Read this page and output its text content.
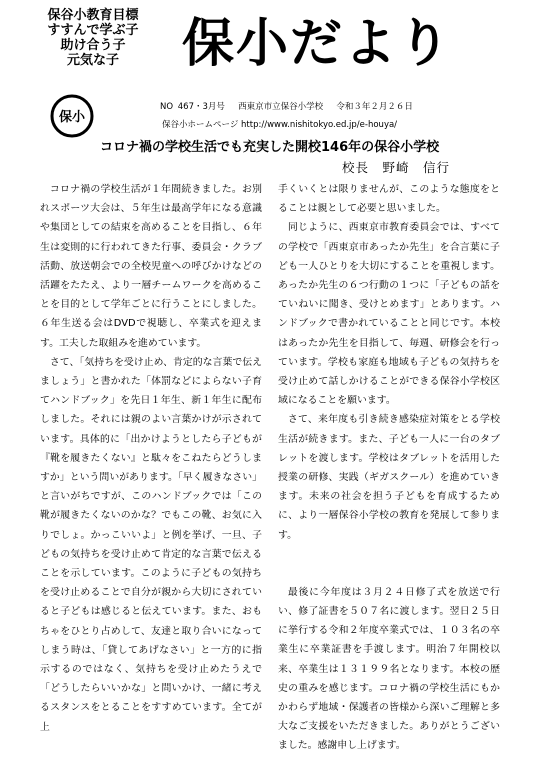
保谷小教育目標
すすんで学ぶ子
助け合う子
元気な子	保小だより
保小
NO 467・3月号　 西東京市立保谷小学校　 令和３年２月２６日
保谷小ホームページ http://www.nishitokyo.ed.jp/e-houya/
コロナ禍の学校生活でも充実した開校146年の保谷小学校
校長　野崎　信行

コロナ禍の学校生活が１年間続きました。お別れスポーツ大会は、５年生は最高学年になる意識や集団としての結束を高めることを目指し、６年生は変則的に行われてきた行事、委員会・クラブ活動、放送朝会での全校児童への呼びかけなどの活躍をたたえ、より一層チームワークを高めることを目的として学年ごとに行うことにしました。６年生送る会はDVDで視聴し、卒業式を迎えます。工夫した取組みを進めています。

さて、「気持ちを受け止め、肯定的な言葉で伝えましょう」と書かれた「体罰などによらない子育てハンドブック」を先日１年生、新１年生に配布しました。それには親のよい言葉かけが示されています。具体的に「出かけようとしたら子どもが『靴を履きたくない』と駄々をこねたらどうしますか」という問いがあります。「早く履きなさい」と言いがちですが、このハンドブックでは「この靴が履きたくないのかな？でもこの靴、お気に入りでしょ。かっこいいよ」と例を挙げ、一旦、子どもの気持ちを受け止めて肯定的な言葉で伝えることを示しています。このように子どもの気持ちを受け止めることで自分が親から大切にされていると子どもは感じると伝えています。また、おもちゃをひとり占めして、友達と取り合いになってしまう時は、「貸してあげなさい」と一方的に指示するのではなく、気持ちを受け止めたうえで「どうしたらいいかな」と問いかけ、一緒に考えるスタンスをとることをすすめています。全てが上

手くいくとは限りませんが、このような態度をとることは親として必要と思いました。

同じように、西東京市教育委員会では、すべての学校で「西東京市あったか先生」を合言葉に子ども一人ひとりを大切にすることを重視します。あったか先生の６つ行動の１つに「子どもの話をていねいに聞き、受けとめます」とあります。ハンドブックで書かれていることと同じです。本校はあったか先生を目指して、毎週、研修会を行っています。学校も家庭も地域も子どもの気持ちを受け止めて話しかけることができる保谷小学校区域になることを願います。

さて、来年度も引き続き感染症対策をとる学校生活が続きます。また、子ども一人に一台のタブレットを渡します。学校はタブレットを活用した授業の研修、実践（ギガスクール）を進めていきます。未来の社会を担う子どもを育成するために、より一層保谷小学校の教育を発展して参ります。

最後に今年度は３月２４日修了式を放送で行い、修了証書を５０７名に渡します。翌日２５日に挙行する令和２年度卒業式では、１０３名の卒業生に卒業証書を手渡します。明治７年開校以来、卒業生は１３１９９名となります。本校の歴史の重みを感じます。コロナ禍の学校生活にもかかわらず地域・保護者の皆様から深いご理解と多大なご支援をいただきました。ありがとうございました。感謝申し上げます。
